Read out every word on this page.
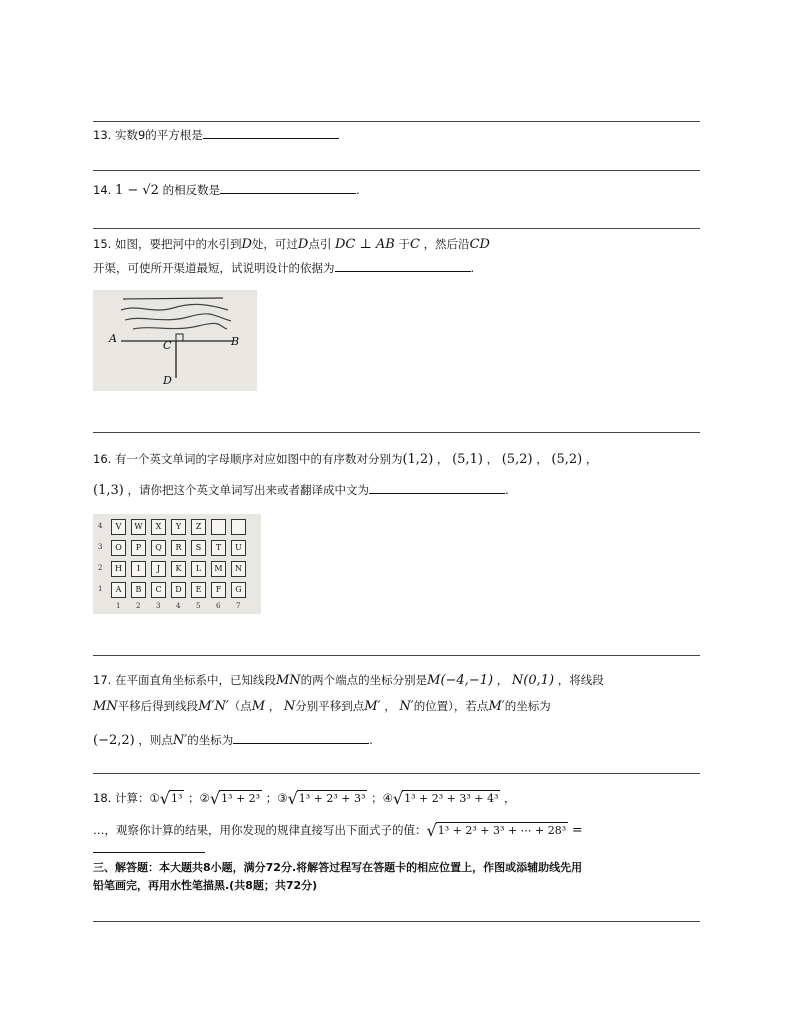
13. 实数9的平方根是
14. 1 − √2 的相反数是	.
15. 如图，要把河中的水引到D处，可过D点引 DC ⊥ AB 于C ，然后沿CD
开渠，可使所开渠道最短，试说明设计的依据为	.
A	B
C
D
16. 有一个英文单词的字母顺序对应如图中的有序数对分别为(1,2) ， (5,1) ， (5,2) ， (5,2) ，
(1,3) ，请你把这个英文单词写出来或者翻译成中文为	.
4	V	W	X	Y	Z
3	O	P	Q	R	S	T	U
2	H	I	J	K	L	M	N
1	A	B	C	D	E	F	G
1 2 3 4 5 6 7
17. 在平面直角坐标系中，已知线段MN的两个端点的坐标分别是M(−4,−1) ， N(0,1) ，将线段
MN平移后得到线段M′N′（点M ， N分别平移到点M′ ， N′的位置），若点M′的坐标为
(−2,2) ，则点N′的坐标为	.
18. 计算：①√1³ ；②√1³ + 2³ ；③√1³ + 2³ + 3³ ；④√1³ + 2³ + 3³ + 4³ ，
…，观察你计算的结果，用你发现的规律直接写出下面式子的值：√1³ + 2³ + 3³ + ⋯ + 28³ =
三、解答题：本大题共8小题，满分72分.将解答过程写在答题卡的相应位置上，作图或添辅助线先用
铅笔画完，再用水性笔描黑.(共8题；共72分)
